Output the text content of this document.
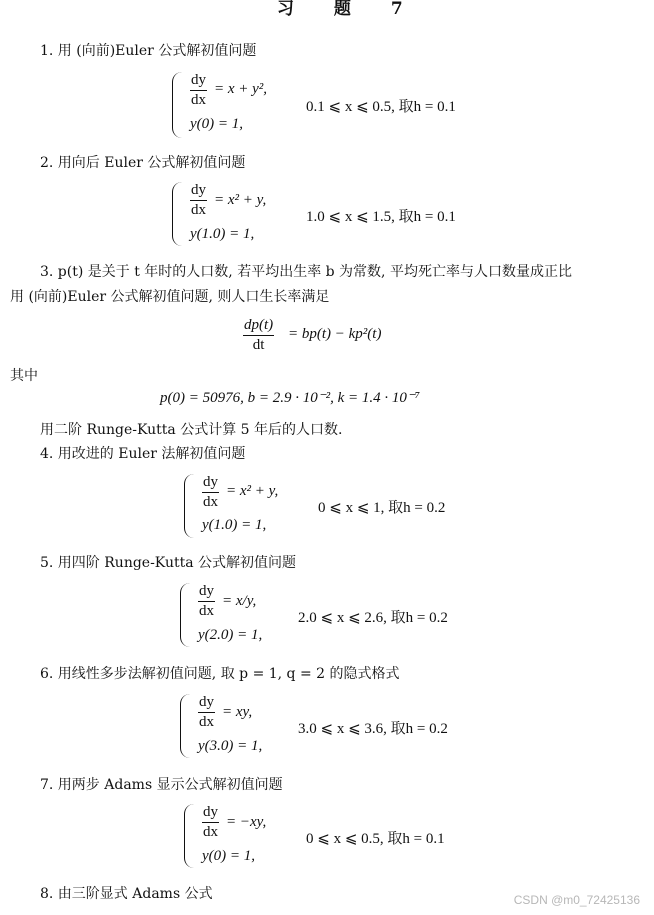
习 题 7
1. 用 (向前)Euler 公式解初值问题
$\frac{dy}{dx} = x + y^2$,
y(0) = 1,
0.1 ⩽ x ⩽ 0.5, 取h = 0.1
2. 用向后 Euler 公式解初值问题
$\frac{dy}{dx} = x^2 + y$,
y(1.0) = 1,
1.0 ⩽ x ⩽ 1.5, 取h = 0.1
3. p(t) 是关于 t 年时的人口数, 若平均出生率 b 为常数, 平均死亡率与人口数量成正比
用 (向前)Euler 公式解初值问题, 则人口生长率满足
$\frac{dp(t)}{dt} = bp(t) - kp^2(t)$
其中
p(0) = 50976, b = 2.9 · 10⁻², k = 1.4 · 10⁻⁷
用二阶 Runge-Kutta 公式计算 5 年后的人口数.
4. 用改进的 Euler 法解初值问题
$\frac{dy}{dx} = x^2 + y$,
y(1.0) = 1,
0 ⩽ x ⩽ 1, 取h = 0.2
5. 用四阶 Runge-Kutta 公式解初值问题
$\frac{dy}{dx} = x/y$,
y(2.0) = 1,
2.0 ⩽ x ⩽ 2.6, 取h = 0.2
6. 用线性多步法解初值问题, 取 p = 1, q = 2 的隐式格式
$\frac{dy}{dx}$ = xy,
y(3.0) = 1,
3.0 ⩽ x ⩽ 3.6, 取h = 0.2
7. 用两步 Adams 显示公式解初值问题
$\frac{dy}{dx} = -xy$,
y(0) = 1,
0 ⩽ x ⩽ 0.5, 取h = 0.1
8. 由三阶显式 Adams 公式	CSDN @m0_72425136
